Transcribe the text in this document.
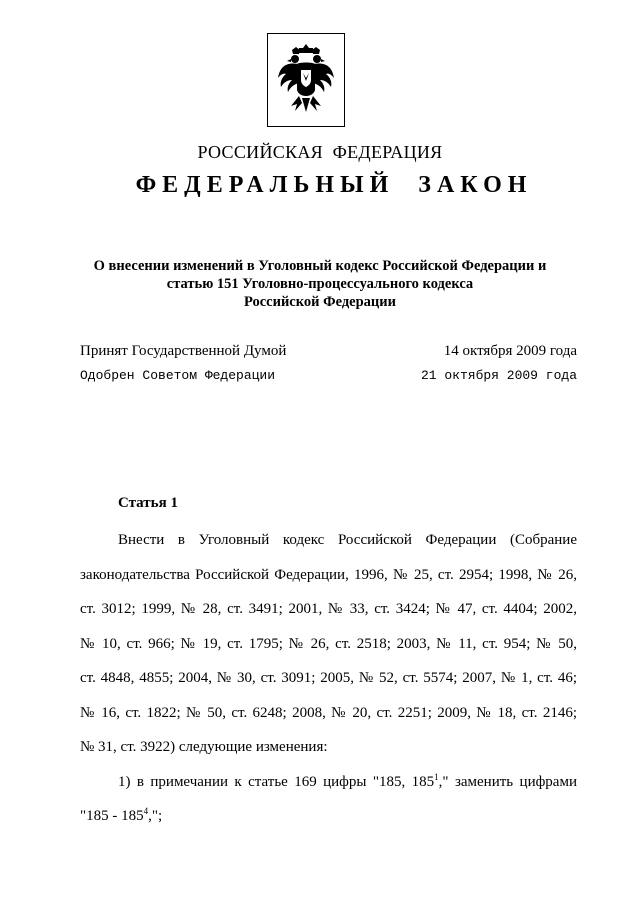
РОССИЙСКАЯ  ФЕДЕРАЦИЯ
ФЕДЕРАЛЬНЫЙ  ЗАКОН
О внесении изменений в Уголовный кодекс Российской Федерации и
статью 151 Уголовно-процессуального кодекса
Российской Федерации
Принят Государственной Думой	14 октября 2009 года
Одобрен Советом Федерации	21 октября 2009 года
Статья 1
Внести в Уголовный кодекс Российской Федерации (Собрание
законодательства Российской Федерации, 1996, № 25, ст. 2954; 1998, № 26,
ст. 3012; 1999, № 28, ст. 3491; 2001, № 33, ст. 3424; № 47, ст. 4404; 2002,
№ 10, ст. 966; № 19, ст. 1795; № 26, ст. 2518; 2003, № 11, ст. 954; № 50,
ст. 4848, 4855; 2004, № 30, ст. 3091; 2005, № 52, ст. 5574; 2007, № 1, ст. 46;
№ 16, ст. 1822; № 50, ст. 6248; 2008, № 20, ст. 2251; 2009, № 18, ст. 2146;
№ 31, ст. 3922) следующие изменения:
1) в примечании к статье 169 цифры "185, $185^1$," заменить цифрами
"$185 - 185^4$,";
